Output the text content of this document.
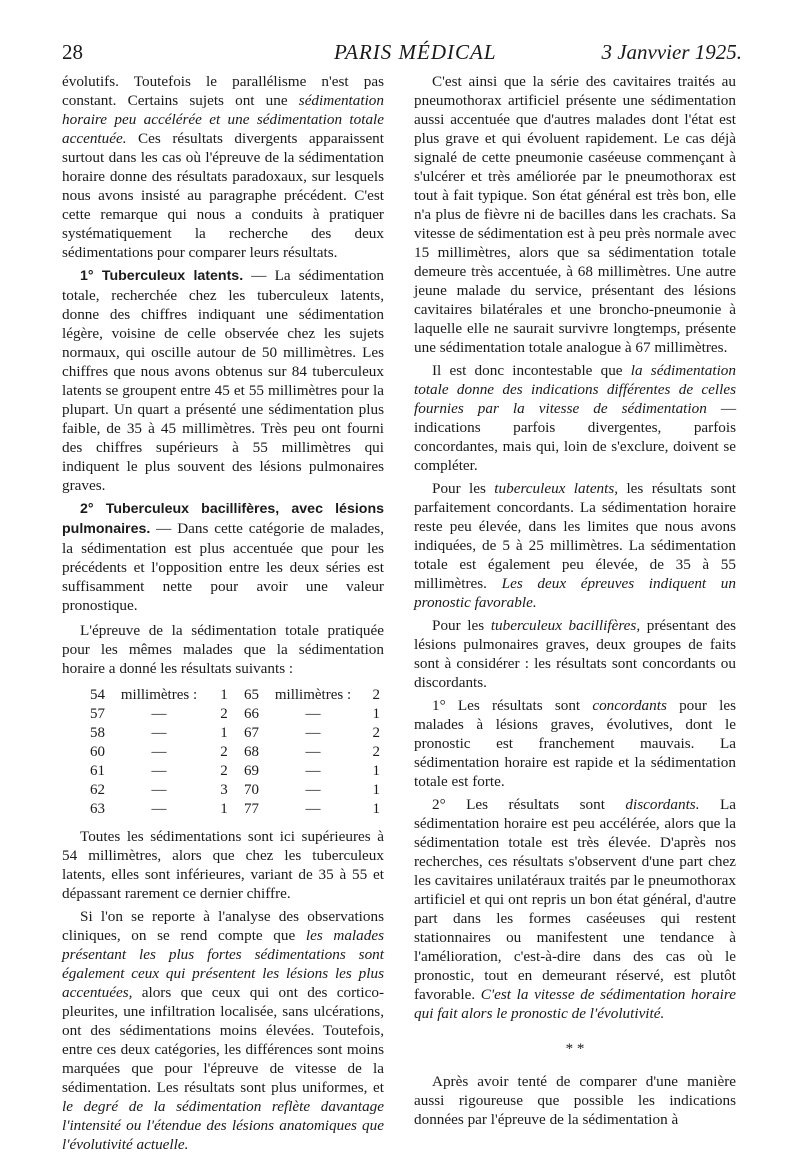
28	PARIS MÉDICAL	3 Janvvier 1925.

évolutifs. Toutefois le parallélisme n'est pas constant. Certains sujets ont une sédimentation horaire peu accélérée et une sédimentation totale accentuée. Ces résultats divergents apparaissent surtout dans les cas où l'épreuve de la sédimentation horaire donne des résultats paradoxaux, sur lesquels nous avons insisté au paragraphe précédent. C'est cette remarque qui nous a conduits à pratiquer systématiquement la recherche des deux sédimentations pour comparer leurs résultats.

1° Tuberculeux latents. — La sédimentation totale, recherchée chez les tuberculeux latents, donne des chiffres indiquant une sédimentation légère, voisine de celle observée chez les sujets normaux, qui oscille autour de 50 millimètres. Les chiffres que nous avons obtenus sur 84 tuberculeux latents se groupent entre 45 et 55 millimètres pour la plupart. Un quart a présenté une sédimentation plus faible, de 35 à 45 millimètres. Très peu ont fourni des chiffres supérieurs à 55 millimètres qui indiquent le plus souvent des lésions pulmonaires graves.

2° Tuberculeux bacillifères, avec lésions pulmonaires. — Dans cette catégorie de malades, la sédimentation est plus accentuée que pour les précédents et l'opposition entre les deux séries est suffisamment nette pour avoir une valeur pronostique.

L'épreuve de la sédimentation totale pratiquée pour les mêmes malades que la sédimentation horaire a donné les résultats suivants :

54	millimètres :	1	65	millimètres :	2
57	—	2	66	—	1
58	—	1	67	—	2
60	—	2	68	—	2
61	—	2	69	—	1
62	—	3	70	—	1
63	—	1	77	—	1

Toutes les sédimentations sont ici supérieures à 54 millimètres, alors que chez les tuberculeux latents, elles sont inférieures, variant de 35 à 55 et dépassant rarement ce dernier chiffre.

Si l'on se reporte à l'analyse des observations cliniques, on se rend compte que les malades présentant les plus fortes sédimentations sont également ceux qui présentent les lésions les plus accentuées, alors que ceux qui ont des cortico-pleurites, une infiltration localisée, sans ulcérations, ont des sédimentations moins élevées. Toutefois, entre ces deux catégories, les différences sont moins marquées que pour l'épreuve de vitesse de la sédimentation. Les résultats sont plus uniformes, et le degré de la sédimentation reflète davantage l'intensité ou l'étendue des lésions anatomiques que l'évolutivité actuelle.

C'est ainsi que la série des cavitaires traités au pneumothorax artificiel présente une sédimentation aussi accentuée que d'autres malades dont l'état est plus grave et qui évoluent rapidement. Le cas déjà signalé de cette pneumonie caséeuse commençant à s'ulcérer et très améliorée par le pneumothorax est tout à fait typique. Son état général est très bon, elle n'a plus de fièvre ni de bacilles dans les crachats. Sa vitesse de sédimentation est à peu près normale avec 15 millimètres, alors que sa sédimentation totale demeure très accentuée, à 68 millimètres. Une autre jeune malade du service, présentant des lésions cavitaires bilatérales et une broncho-pneumonie à laquelle elle ne saurait survivre longtemps, présente une sédimentation totale analogue à 67 millimètres.

Il est donc incontestable que la sédimentation totale donne des indications différentes de celles fournies par la vitesse de sédimentation — indications parfois divergentes, parfois concordantes, mais qui, loin de s'exclure, doivent se compléter.

Pour les tuberculeux latents, les résultats sont parfaitement concordants. La sédimentation horaire reste peu élevée, dans les limites que nous avons indiquées, de 5 à 25 millimètres. La sédimentation totale est également peu élevée, de 35 à 55 millimètres. Les deux épreuves indiquent un pronostic favorable.

Pour les tuberculeux bacillifères, présentant des lésions pulmonaires graves, deux groupes de faits sont à considérer : les résultats sont concordants ou discordants.

1° Les résultats sont concordants pour les malades à lésions graves, évolutives, dont le pronostic est franchement mauvais. La sédimentation horaire est rapide et la sédimentation totale est forte.

2° Les résultats sont discordants. La sédimentation horaire est peu accélérée, alors que la sédimentation totale est très élevée. D'après nos recherches, ces résultats s'observent d'une part chez les cavitaires unilatéraux traités par le pneumothorax artificiel et qui ont repris un bon état général, d'autre part dans les formes caséeuses qui restent stationnaires ou manifestent une tendance à l'amélioration, c'est-à-dire dans des cas où le pronostic, tout en demeurant réservé, est plutôt favorable. C'est la vitesse de sédimentation horaire qui fait alors le pronostic de l'évolutivité.

* *

Après avoir tenté de comparer d'une manière aussi rigoureuse que possible les indications données par l'épreuve de la sédimentation à
